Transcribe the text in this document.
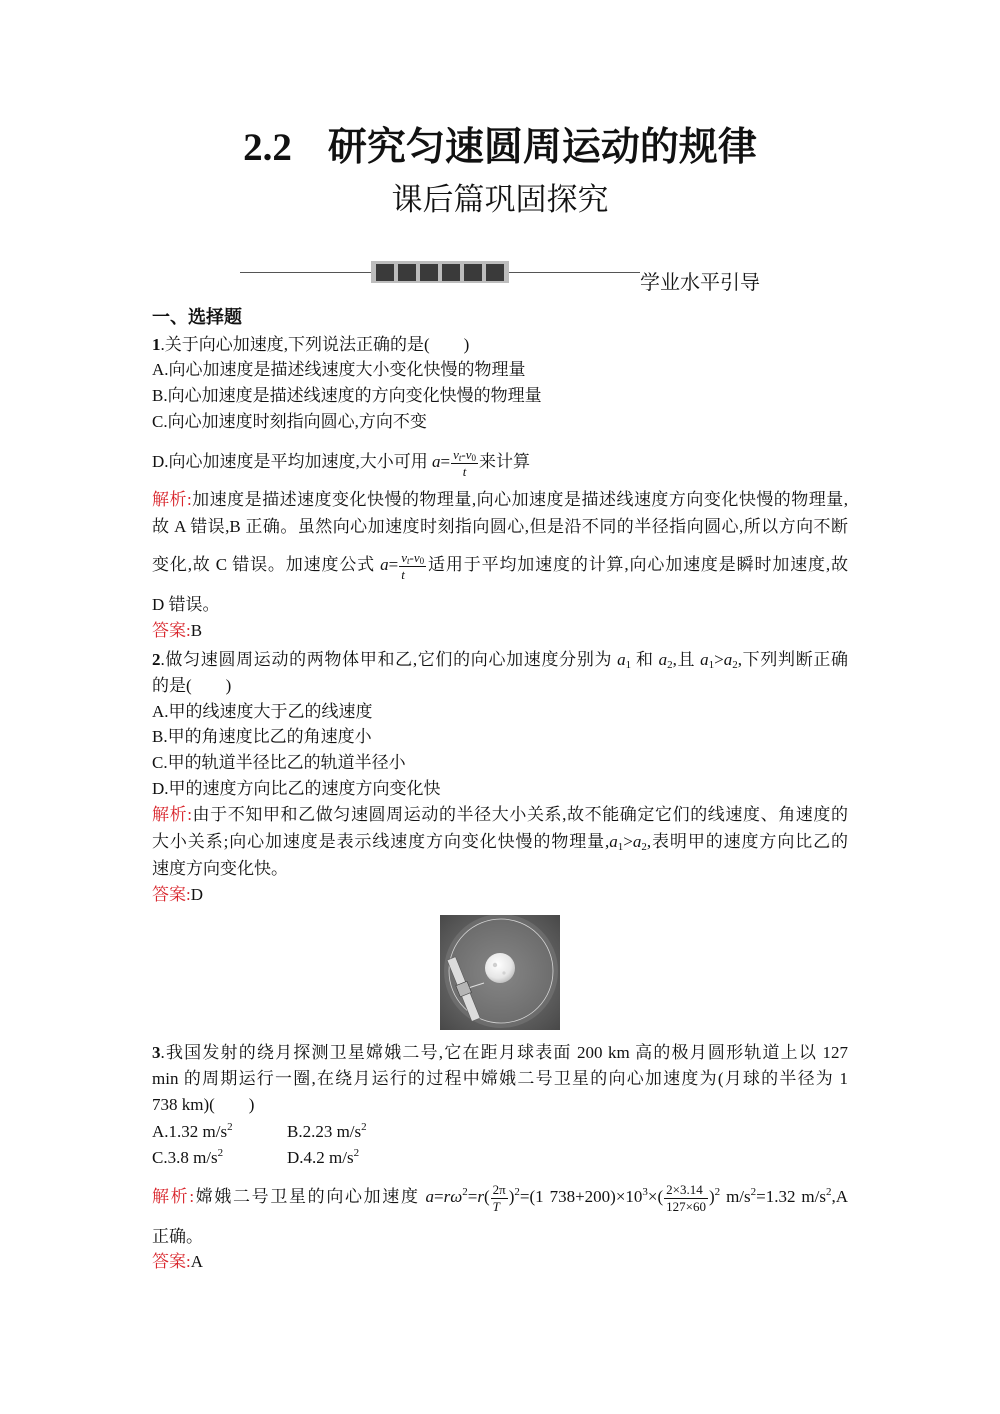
2.2 研究匀速圆周运动的规律
课后篇巩固探究
学业水平引导
一、选择题
1.关于向心加速度,下列说法正确的是(　　)
A.向心加速度是描述线速度大小变化快慢的物理量
B.向心加速度是描述线速度的方向变化快慢的物理量
C.向心加速度时刻指向圆心,方向不变
D.向心加速度是平均加速度,大小可用 $a= \frac{v_t-v_0}{t}$ 来计算
解析:加速度是描述速度变化快慢的物理量,向心加速度是描述线速度方向变化快慢的物理量,
故 A 错误,B 正确。虽然向心加速度时刻指向圆心,但是沿不同的半径指向圆心,所以方向不断
变化,故 C 错误。加速度公式 $a= \frac{v_t-v_0}{t}$ 适用于平均加速度的计算,向心加速度是瞬时加速度,故
D 错误。
答案:B
2.做匀速圆周运动的两物体甲和乙,它们的向心加速度分别为 $a_1$ 和 $a_2$,且 $a_1>a_2$,下列判断正确
的是(　　)
A.甲的线速度大于乙的线速度
B.甲的角速度比乙的角速度小
C.甲的轨道半径比乙的轨道半径小
D.甲的速度方向比乙的速度方向变化快
解析:由于不知甲和乙做匀速圆周运动的半径大小关系,故不能确定它们的线速度、角速度的
大小关系;向心加速度是表示线速度方向变化快慢的物理量$,a_1>a_2$,表明甲的速度方向比乙的
速度方向变化快。
答案:D
3.我国发射的绕月探测卫星嫦娥二号,它在距月球表面 200 km 高的极月圆形轨道上以 127
min 的周期运行一圈,在绕月运行的过程中嫦娥二号卫星的向心加速度为(月球的半径为 1
738 km)(　　)
A.1.32 $m/s^2$	B.2.23 $m/s^2$
C.3.8 $m/s^2$	D.4.2 $m/s^2$
解析:嫦娥二号卫星的向心加速度 $a=r\omega^2=r( \frac{2\pi}{T} )^2=(1$ $738+200)\times 10^3\times( \frac{2\times 3.14}{127\times 60} )^2$ $m/s^2=1.32$ $m/s^2,A$
正确。
答案:A
